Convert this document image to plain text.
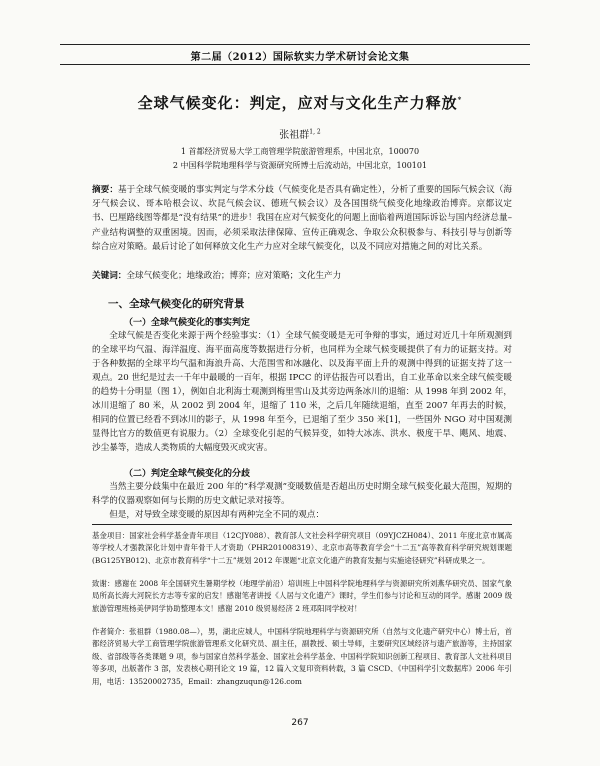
第二届（2012）国际软实力学术研讨会论文集
全球气候变化：判定，应对与文化生产力释放*
张祖群$^{1, 2}$
1 首都经济贸易大学工商管理学院旅游管理系，中国北京，100070
2 中国科学院地理科学与资源研究所博士后流动站，中国北京，100101
摘要：基于全球气候变暖的事实判定与学术分歧（气候变化是否具有确定性），分析了重要的国际气候会议（海牙气候会议、哥本哈根会议、坎昆气候会议、德班气候会议）及各国围绕气候变化地缘政治博弈。京都议定书、巴厘路线图等都是“没有结果”的进步！我国在应对气候变化的问题上面临着两道国际诉讼与国内经济总量–产业结构调整的双重困境。因而，必须采取法律保障、宣传正确观念、争取公众积极参与、科技引导与创新等综合应对策略。最后讨论了如何释放文化生产力应对全球气候变化，以及不同应对措施之间的对比关系。
关键词：全球气候变化；地缘政治；博弈；应对策略；文化生产力
一、全球气候变化的研究背景
（一）全球气候变化的事实判定
全球气候是否变化来源于两个经验事实：（1）全球气候变暖是无可争辩的事实，通过对近几十年所观测到的全球平均气温、海洋温度、海平面高度等数据进行分析，也同样为全球气候变暖提供了有力的证据支持。对于各种数据的全球平均气温和海浪升高、大范围雪和冰融化、以及海平面上升的观测中得到的证据支持了这一观点。20 世纪是过去一千年中最暖的一百年，根据 IPCC 的评估报告可以看出，自工业革命以来全球气候变暖的趋势十分明显（图 1），例如自北利海士观测到梅里雪山及其旁边两条冰川的退缩：从 1998 年到 2002 年，冰川退缩了 80 米，从 2002 到 2004 年，退缩了 110 米，之后几年随续退缩，直至 2007 年再去的时候，相同的位置已经看不到冰川的影子，从 1998 年至今，已退缩了至少 350 米[1]，一些国外 NGO 对中国观测显得比官方的数值更有说服力。（2）全球变化引起的气候异变，如特大冰冻、洪水、极度干旱、飓风、地震、沙尘暴等，造成人类物质的大幅度毁灭或灾害。
（二）判定全球气候变化的分歧
当然主要分歧集中在最近 200 年的“科学观测”变暖数值是否超出历史时期全球气候变化最大范围，短期的科学的仪器观察如何与长期的历史文献记录对接等。
但是，对导致全球变暖的原因却有两种完全不同的观点：
基金项目：国家社会科学基金青年项目（12CJY088）、教育部人文社会科学研究项目（09YJCZH084）、2011 年度北京市属高等学校人才强教深化计划中青年骨干人才资助（PHR201008319）、北京市高等教育学会“十二五”高等教育科学研究规划课题(BG125YB012)、北京市教育科学“十二五”规划 2012 年课题“北京文化遗产的教育发掘与实施途径研究”科研成果之一。
致谢：感谢在 2008 年全国研究生暑期学校（地理学前沿）培训班上中国科学院地理科学与资源研究所刘燕华研究员、国家气象局所高长海大河院长方志等专家的启发！感谢笔者讲授《人居与文化遗产》课时，学生们参与讨论和互动的同学。感谢 2009 级旅游管理班杨美伊同学协助整理本文！感谢 2010 级贸易经济 2 班邓阳同学校对！
作者简介：张祖群（1980.08—），男，湖北应城人，中国科学院地理科学与资源研究所（自然与文化遗产研究中心）博士后，首都经济贸易大学工商管理学院旅游管理系文化研究员、副主任，副教授、硕士导师，主要研究区域经济与遗产旅游等，主持国家级、省部级等各类课题 9 项，参与国家自然科学基金、国家社会科学基金、中国科学院知识创新工程项目、教育部人文社科项目等多项，出版著作 3 部，发表核心期刊论文 19 篇，12 篇入文复印资料转载，3 篇 CSCD、《中国科学引文数据库》2006 年引用，电话：13520002735，Email：zhangzuqun@126.com
267
